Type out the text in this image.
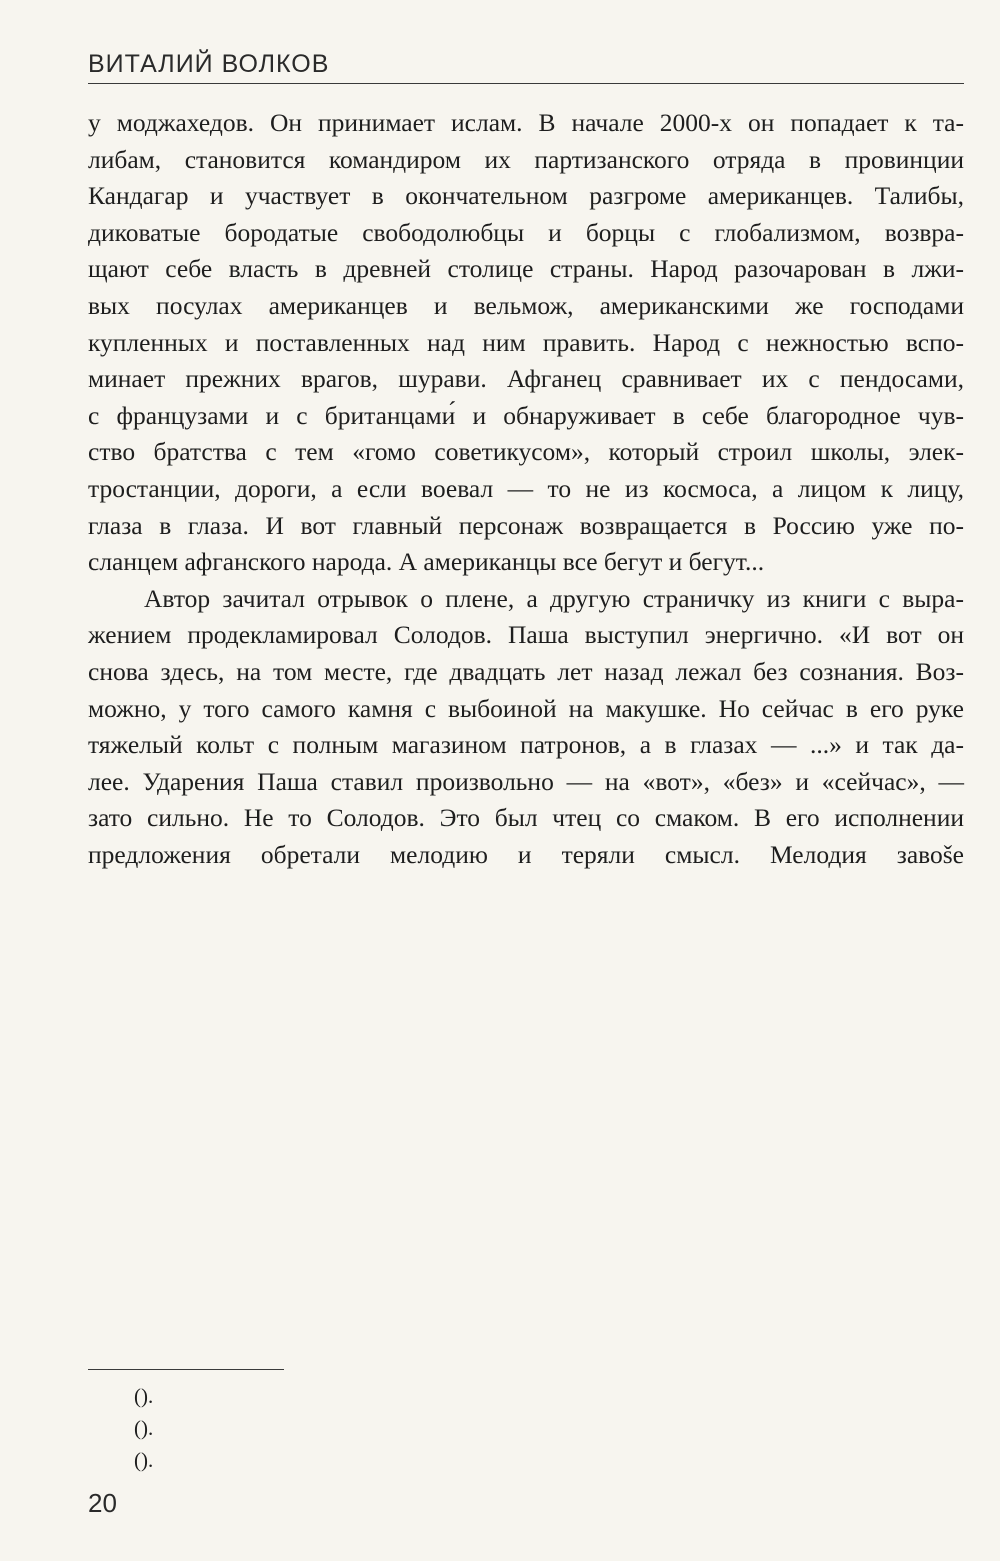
ВИТАЛИЙ ВОЛКОВ
у моджахедов. Он принимает ислам. В начале 2000-х он попадает к та-
либам, становится командиром их партизанского отряда в провинции
Кандагар и участвует в окончательном разгроме американцев. Талибы,
диковатые бородатые свободолюбцы и борцы с глобализмом, возвра-
щают себе власть в древней столице страны. Народ разочарован в лжи-
вых посулах американцев и вельмож, американскими же господами
купленных и поставленных над ним править. Народ с нежностью вспо-
минает прежних врагов, шурави. Афганец сравнивает их с пендосами,
с французами и с британцами́ и обнаруживает в себе благородное чув-
ство братства с тем «гомо советикусом», который строил школы, элек-
тростанции, дороги, а если воевал — то не из космоса, а лицом к лицу,
глаза в глаза. И вот главный персонаж возвращается в Россию уже по-
сланцем афганского народа. А американцы все бегут и бегут...
Автор зачитал отрывок о плене, а другую страничку из книги с выра-
жением продекламировал Солодов. Паша выступил энергично. «И вот он
снова здесь, на том месте, где двадцать лет назад лежал без сознания. Воз-
можно, у того самого камня с выбоиной на макушке. Но сейчас в его руке
тяжелый кольт с полным магазином патронов, а в глазах — ...» и так да-
лее. Ударения Паша ставил произвольно — на «вот», «без» и «сейчас», —
зато сильно. Не то Солодов. Это был чтец со смаком. В его исполнении
предложения обретали мелодию и теряли смысл. Мелодия завоše
().
().
().
20
